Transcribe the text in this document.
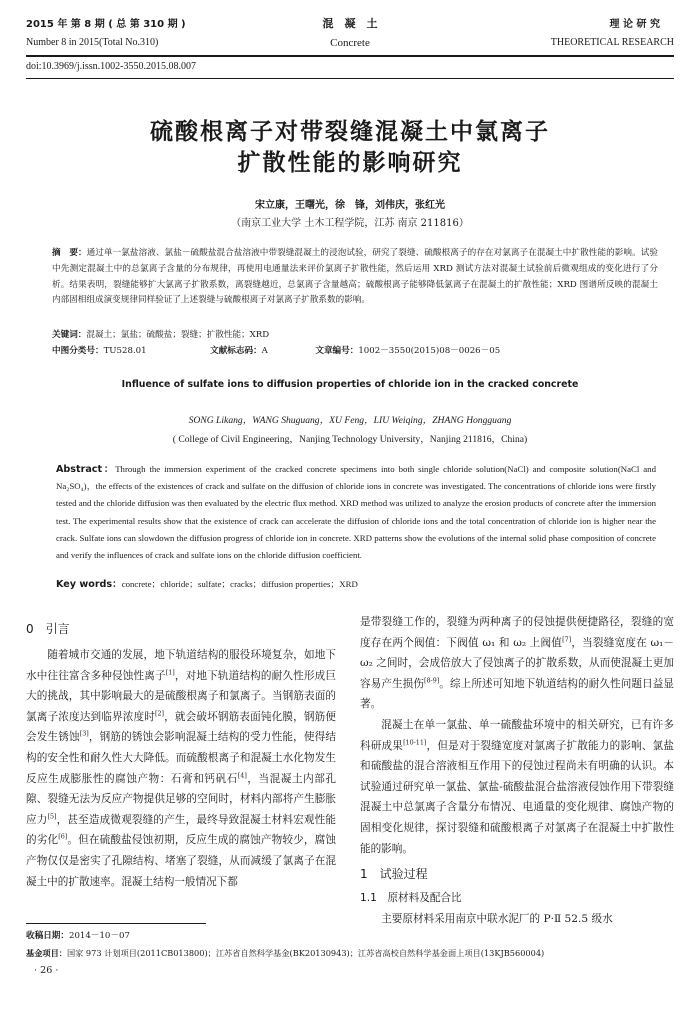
2015 年 第 8 期 ( 总 第 310 期 )
Number 8 in 2015(Total No.310)
混　凝　土
Concrete
理 论 研 究
THEORETICAL RESEARCH
doi:10.3969/j.issn.1002-3550.2015.08.007
硫酸根离子对带裂缝混凝土中氯离子
扩散性能的影响研究
宋立康，王曙光，徐　锋，刘伟庆，张红光
（南京工业大学 土木工程学院，江苏 南京 211816）
摘　要：通过单一氯盐溶液、氯盐－硫酸盐混合盐溶液中带裂缝混凝土的浸泡试验，研究了裂缝、硫酸根离子的存在对氯离子在混凝土中扩散性能的影响。试验中先测定混凝土中的总氯离子含量的分布规律，再使用电通量法来评价氯离子扩散性能，然后运用 XRD 测试方法对混凝土试验前后微观组成的变化进行了分析。结果表明，裂缝能够扩大氯离子扩散系数，离裂缝越近，总氯离子含量越高；硫酸根离子能够降低氯离子在混凝土的扩散性能；XRD 图谱所反映的混凝土内部固相组成演变规律同样验证了上述裂缝与硫酸根离子对氯离子扩散系数的影响。
关键词：混凝土；氯盐；硫酸盐；裂缝；扩散性能；XRD
中图分类号：TU528.01	文献标志码：A	文章编号：1002－3550(2015)08－0026－05
Influence of sulfate ions to diffusion properties of chloride ion in the cracked concrete
SONG Likang，WANG Shuguang，XU Feng，LIU Weiqing，ZHANG Hongguang
( College of Civil Engineering，Nanjing Technology University，Nanjing 211816，China)
Abstract：Through the immersion experiment of the cracked concrete specimens into both single chloride solution(NaCl) and composite solution(NaCl and Na₂SO₄)，the effects of the existences of crack and sulfate on the diffusion of chloride ions in concrete was investigated. The concentrations of chloride ions were firstly tested and the chloride diffusion was then evaluated by the electric flux method. XRD method was utilized to analyze the erosion products of concrete after the immersion test. The experimental results show that the existence of crack can accelerate the diffusion of chloride ions and the total concentration of chloride ion is higher near the crack. Sulfate ions can slowdown the diffusion progress of chloride ion in concrete. XRD patterns show the evolutions of the internal solid phase composition of concrete and verify the influences of crack and sulfate ions on the chloride diffusion coefficient.
Key words：concrete；chloride；sulfate；cracks；diffusion properties；XRD
0　引言

随着城市交通的发展，地下轨道结构的服役环境复杂，如地下水中往往富含多种侵蚀性离子[1]，对地下轨道结构的耐久性形成巨大的挑战，其中影响最大的是硫酸根离子和氯离子。当钢筋表面的氯离子浓度达到临界浓度时[2]，就会破坏钢筋表面钝化膜，钢筋便会发生锈蚀[3]，钢筋的锈蚀会影响混凝土结构的受力性能，使得结构的安全性和耐久性大大降低。而硫酸根离子和混凝土水化物发生反应生成膨胀性的腐蚀产物：石膏和钙矾石[4]，当混凝土内部孔隙、裂缝无法为反应产物提供足够的空间时，材料内部将产生膨胀应力[5]，甚至造成微观裂缝的产生，最终导致混凝土材料宏观性能的劣化[6]。但在硫酸盐侵蚀初期，反应生成的腐蚀产物较少，腐蚀产物仅仅是密实了孔隙结构、堵塞了裂缝，从而减缓了氯离子在混凝土中的扩散速率。混凝土结构一般情况下都

是带裂缝工作的，裂缝为两种离子的侵蚀提供便捷路径，裂缝的宽度存在两个阀值：下阀值 ω₁ 和 ω₂ 上阀值[7]，当裂缝宽度在 ω₁－ω₂ 之间时，会成倍放大了侵蚀离子的扩散系数，从而使混凝土更加容易产生损伤[8-9]。综上所述可知地下轨道结构的耐久性问题日益显著。

混凝土在单一氯盐、单一硫酸盐环境中的相关研究，已有许多科研成果[10-11]，但是对于裂缝宽度对氯离子扩散能力的影响、氯盐和硫酸盐的混合溶液相互作用下的侵蚀过程尚未有明确的认识。本试验通过研究单一氯盐、氯盐-硫酸盐混合盐溶液侵蚀作用下带裂缝混凝土中总氯离子含量分布情况、电通量的变化规律、腐蚀产物的固相变化规律，探讨裂缝和硫酸根离子对氯离子在混凝土中扩散性能的影响。

1　试验过程
1.1　原材料及配合比

主要原材料采用南京中联水泥厂的 P·Ⅱ 52.5 级水

收稿日期：2014－10－07
基金项目：国家 973 计划项目(2011CB013800)；江苏省自然科学基金(BK20130943)；江苏省高校自然科学基金面上项目(13KJB560004)
· 26 ·
